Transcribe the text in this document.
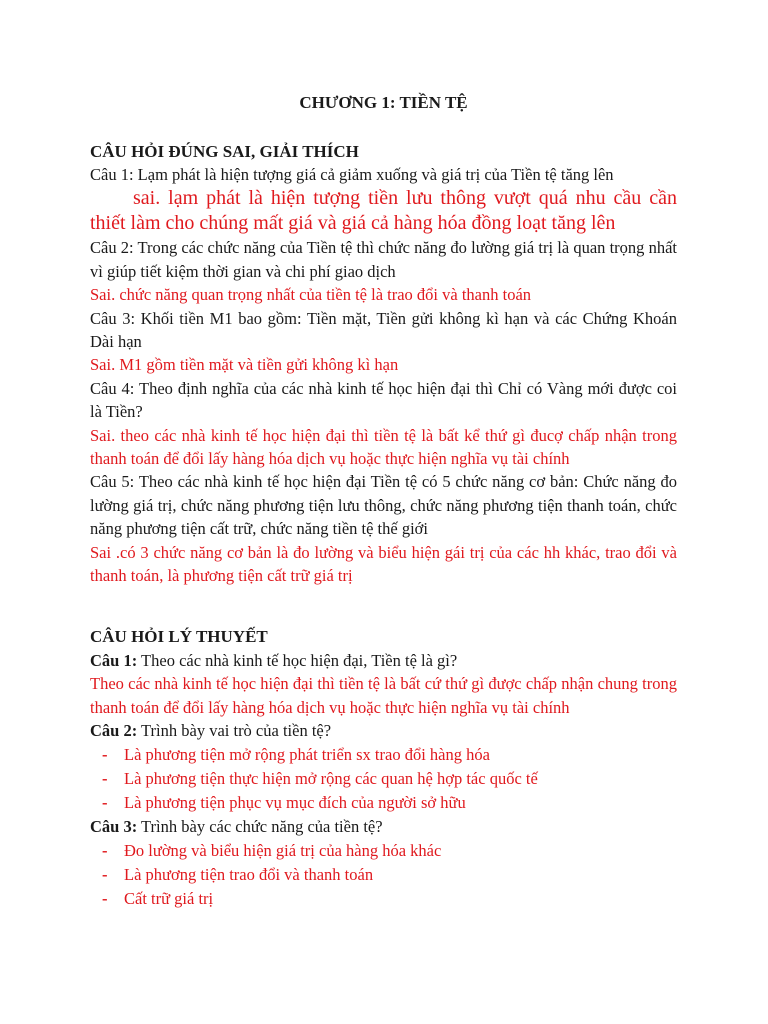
CHƯƠNG 1: TIỀN TỆ
CÂU HỎI ĐÚNG SAI, GIẢI THÍCH
Câu 1: Lạm phát là hiện tượng giá cả giảm xuống và giá trị của Tiền tệ tăng lên
sai. lạm phát là hiện tượng tiền lưu thông vượt quá nhu cầu cần thiết làm cho chúng mất giá và giá cả hàng hóa đồng loạt tăng lên
Câu 2: Trong các chức năng của Tiền tệ thì chức năng đo lường giá trị là quan trọng nhất vì giúp tiết kiệm thời gian và chi phí giao dịch
Sai. chức năng quan trọng nhất của tiền tệ là trao đổi và thanh toán
Câu 3: Khối tiền M1 bao gồm: Tiền mặt, Tiền gửi không kì hạn và các Chứng Khoán Dài hạn
Sai. M1 gồm tiền mặt và tiền gửi không kì hạn
Câu 4: Theo định nghĩa của các nhà kinh tế học hiện đại thì Chỉ có Vàng mới được coi là Tiền?
Sai. theo các nhà kinh tế học hiện đại thì tiền tệ là bất kể thứ gì đucợ chấp nhận trong thanh toán để đổi lấy hàng hóa dịch vụ hoặc thực hiện nghĩa vụ tài chính
Câu 5: Theo các nhà kinh tế học hiện đại Tiền tệ có 5 chức năng cơ bản: Chức năng đo lường giá trị, chức năng phương tiện lưu thông, chức năng phương tiện thanh toán, chức năng phương tiện cất trữ, chức năng tiền tệ thế giới
Sai .có 3 chức năng cơ bản là đo lường và biểu hiện gái trị của các hh khác, trao đổi và thanh toán, là phương tiện cất trữ giá trị
CÂU HỎI LÝ THUYẾT
Câu 1: Theo các nhà kinh tế học hiện đại, Tiền tệ là gì?
Theo các nhà kinh tế học hiện đại thì tiền tệ là bất cứ thứ gì được chấp nhận chung trong thanh toán để đổi lấy hàng hóa dịch vụ hoặc thực hiện nghĩa vụ tài chính
Câu 2: Trình bày vai trò của tiền tệ?
- Là phương tiện mở rộng phát triển sx trao đổi hàng hóa
- Là phương tiện thực hiện mở rộng các quan hệ hợp tác quốc tế
- Là phương tiện phục vụ mục đích của người sở hữu
Câu 3: Trình bày các chức năng của tiền tệ?
- Đo lường và biểu hiện giá trị của hàng hóa khác
- Là phương tiện trao đổi và thanh toán
- Cất trữ giá trị
